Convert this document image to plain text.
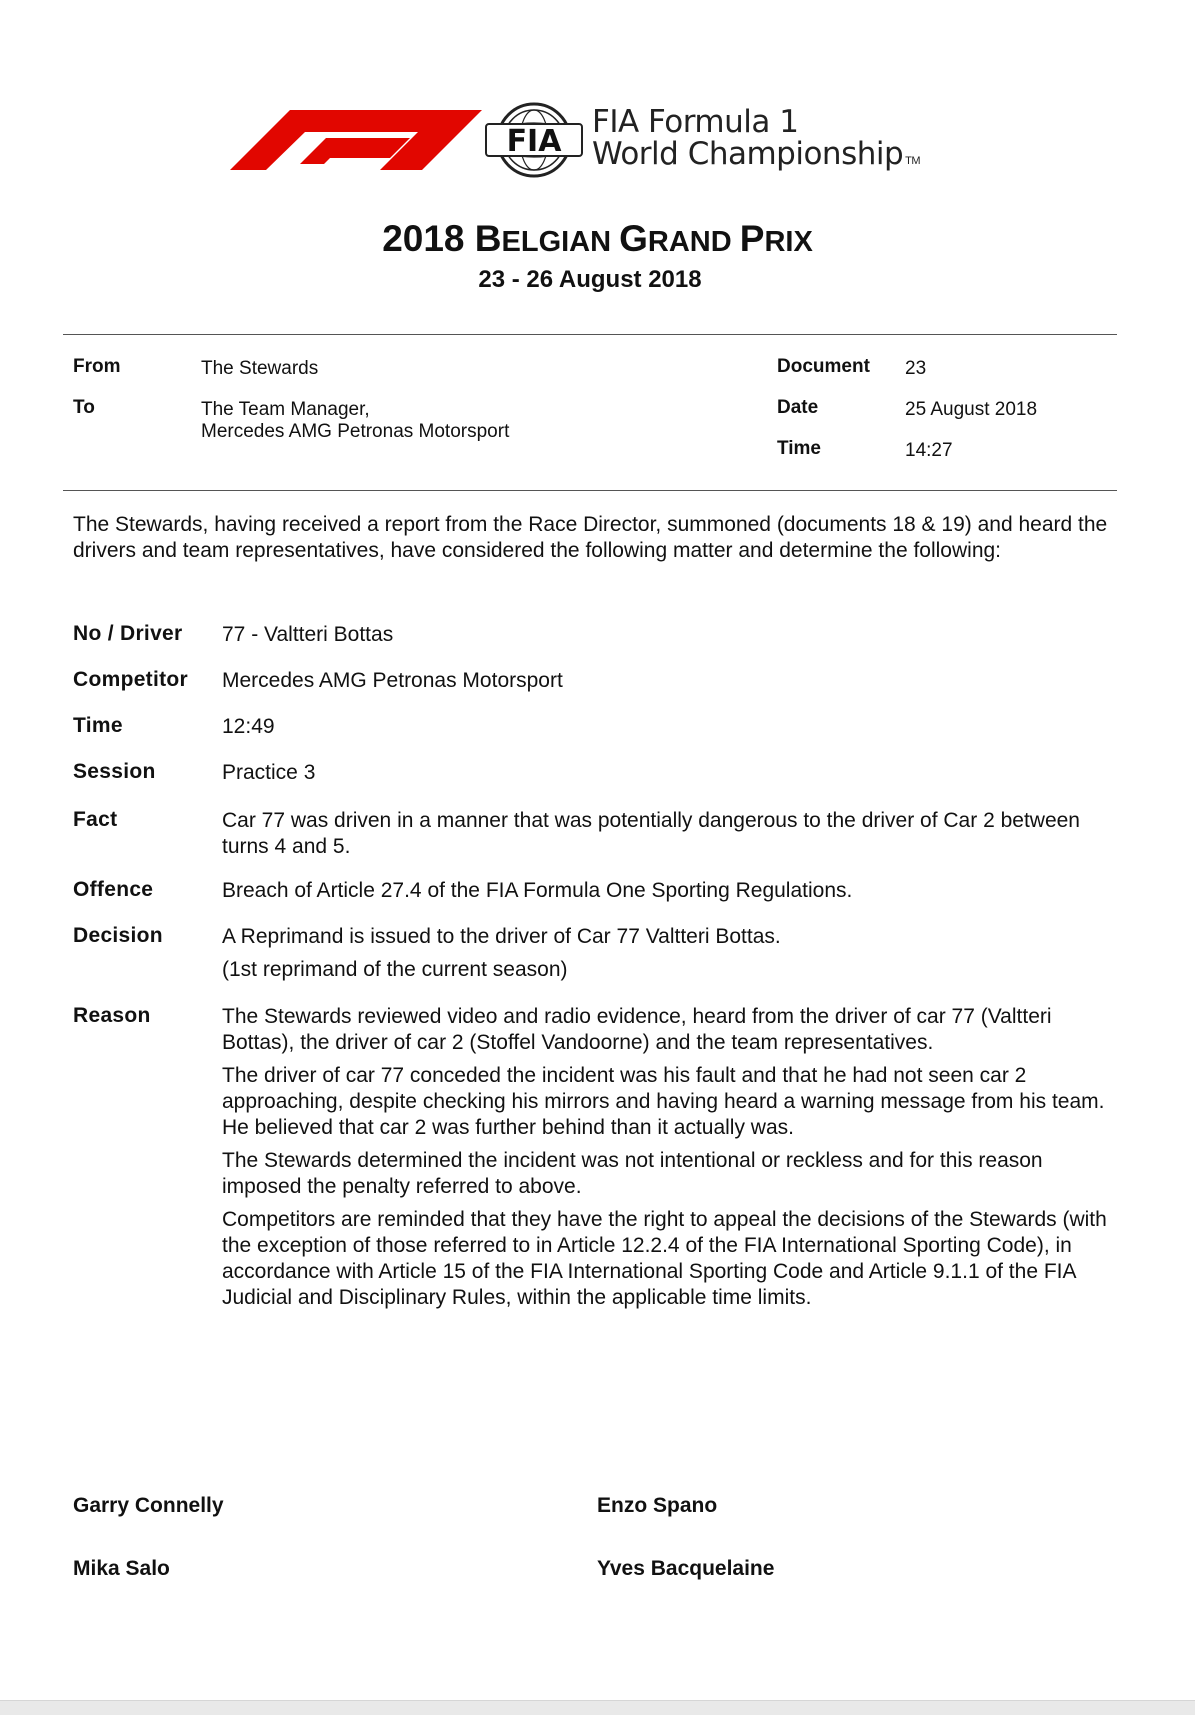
FIA
FIA Formula 1
World Championship TM
2018 BELGIAN GRAND PRIX
23 - 26 August 2018
From	The Stewards
To	The Team Manager,
Mercedes AMG Petronas Motorsport
Document 23
Date	25 August 2018
Time	14:27
The Stewards, having received a report from the Race Director, summoned (documents 18 & 19) and heard the drivers and team representatives, have considered the following matter and determine the following:
No / Driver 77 - Valtteri Bottas
Competitor Mercedes AMG Petronas Motorsport
Time	12:49
Session	Practice 3
Fact	Car 77 was driven in a manner that was potentially dangerous to the driver of Car 2 between turns 4 and 5.
Offence	Breach of Article 27.4 of the FIA Formula One Sporting Regulations.
Decision	A Reprimand is issued to the driver of Car 77 Valtteri Bottas.

(1st reprimand of the current season)

Reason	The Stewards reviewed video and radio evidence, heard from the driver of car 77 (Valtteri Bottas), the driver of car 2 (Stoffel Vandoorne) and the team representatives.

The driver of car 77 conceded the incident was his fault and that he had not seen car 2 approaching, despite checking his mirrors and having heard a warning message from his team. He believed that car 2 was further behind than it actually was.

The Stewards determined the incident was not intentional or reckless and for this reason imposed the penalty referred to above.

Competitors are reminded that they have the right to appeal the decisions of the Stewards (with the exception of those referred to in Article 12.2.4 of the FIA International Sporting Code), in accordance with Article 15 of the FIA International Sporting Code and Article 9.1.1 of the FIA Judicial and Disciplinary Rules, within the applicable time limits.

Garry Connelly	Enzo Spano
Mika Salo	Yves Bacquelaine
